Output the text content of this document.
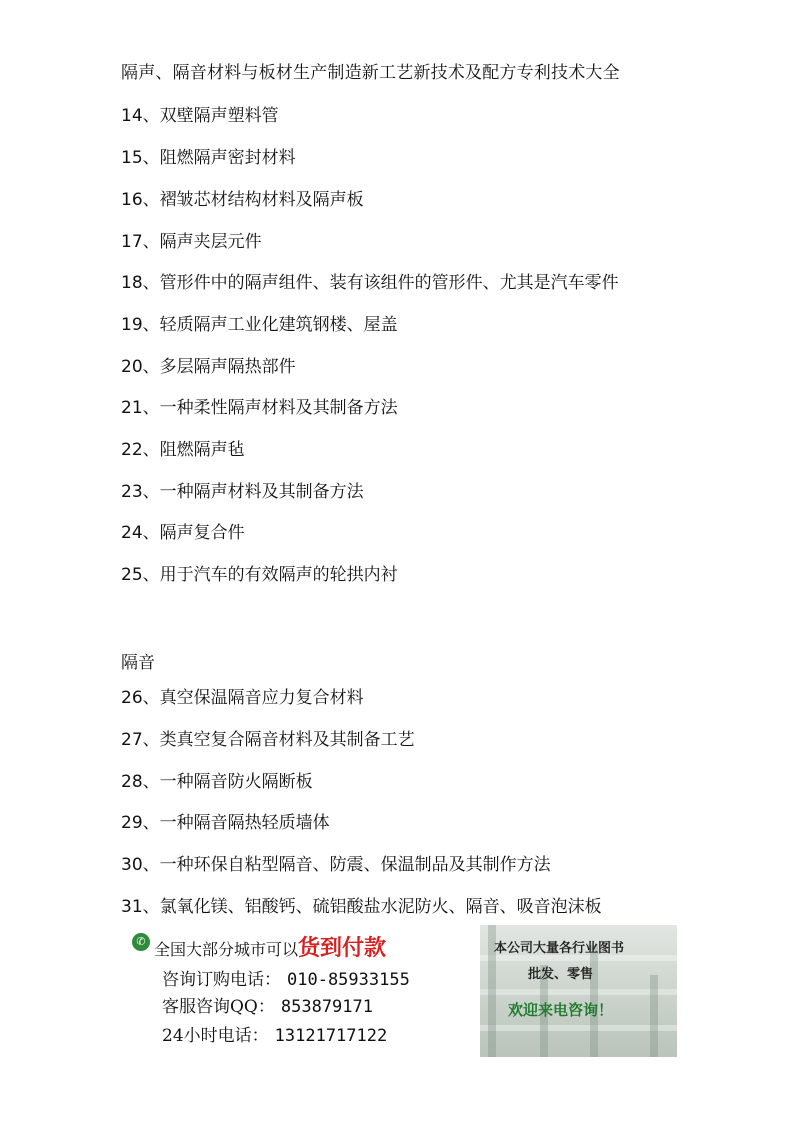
隔声、隔音材料与板材生产制造新工艺新技术及配方专利技术大全
14、双壁隔声塑料管
15、阻燃隔声密封材料
16、褶皱芯材结构材料及隔声板
17、隔声夹层元件
18、管形件中的隔声组件、装有该组件的管形件、尤其是汽车零件
19、轻质隔声工业化建筑钢楼、屋盖
20、多层隔声隔热部件
21、一种柔性隔声材料及其制备方法
22、阻燃隔声毡
23、一种隔声材料及其制备方法
24、隔声复合件
25、用于汽车的有效隔声的轮拱内衬
隔音
26、真空保温隔音应力复合材料
27、类真空复合隔音材料及其制备工艺
28、一种隔音防火隔断板
29、一种隔音隔热轻质墙体
30、一种环保自粘型隔音、防震、保温制品及其制作方法
31、氯氧化镁、铝酸钙、硫铝酸盐水泥防火、隔音、吸音泡沫板
✆ 全国大部分城市可以货到付款
咨询订购电话： 010-85933155
客服咨询QQ： 853879171
24小时电话： 13121717122
本公司大量各行业图书
批发、零售
欢迎来电咨询！
